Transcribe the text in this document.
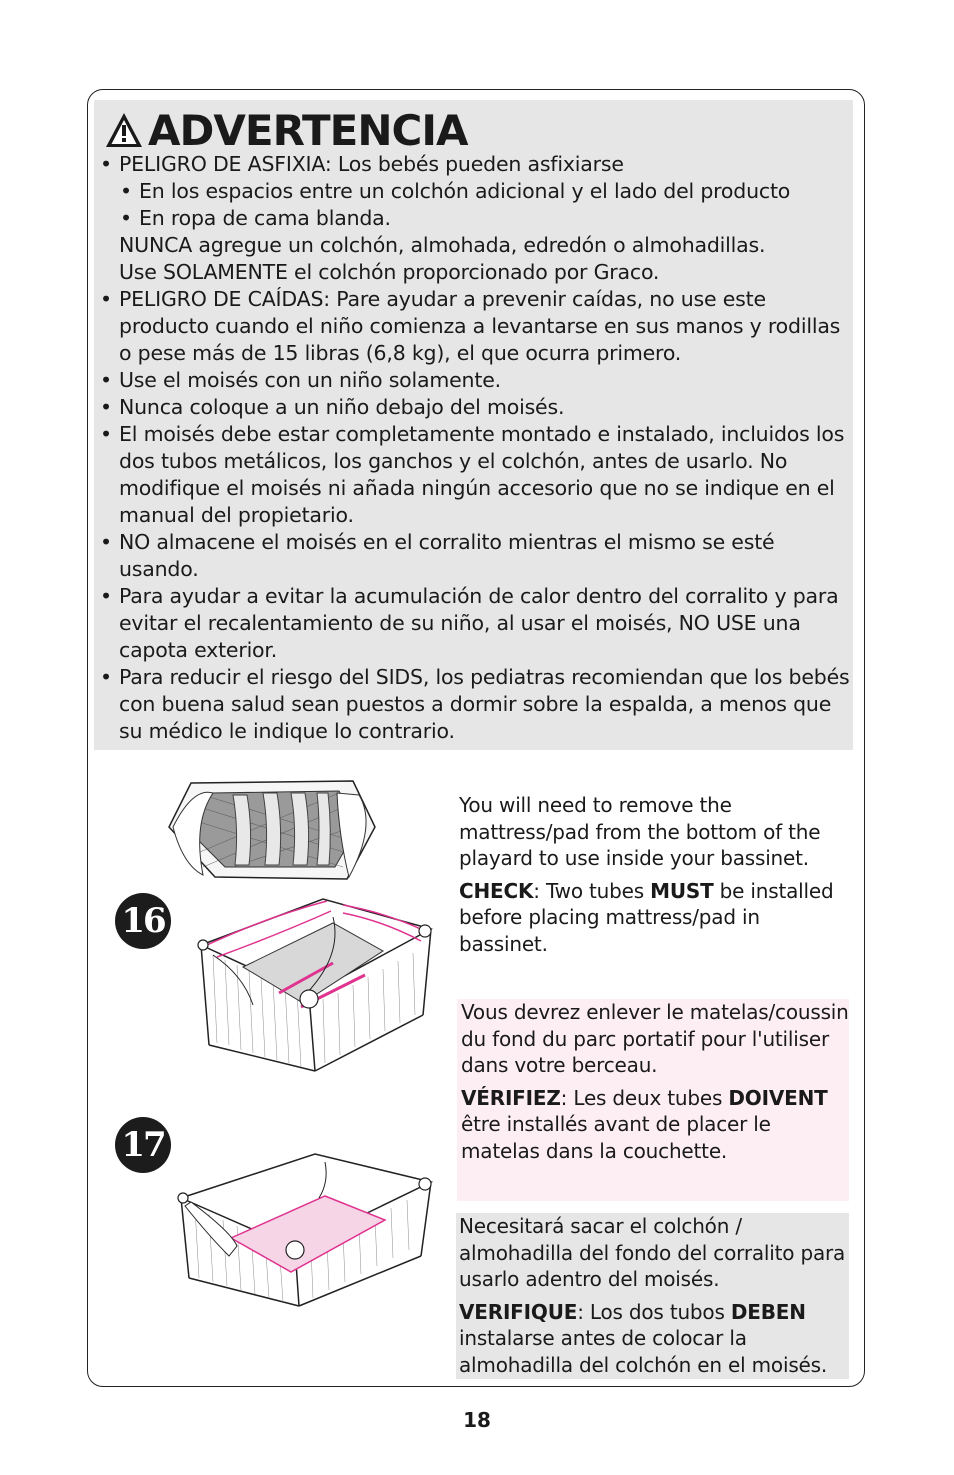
ADVERTENCIA
• PELIGRO DE ASFIXIA: Los bebés pueden asfixiarse
• En los espacios entre un colchón adicional y el lado del producto
• En ropa de cama blanda.
NUNCA agregue un colchón, almohada, edredón o almohadillas.
Use SOLAMENTE el colchón proporcionado por Graco.
• PELIGRO DE CAÍDAS: Pare ayudar a prevenir caídas, no use este producto cuando el niño comienza a levantarse en sus manos y rodillas o pese más de 15 libras (6,8 kg), el que ocurra primero.
• Use el moisés con un niño solamente.
• Nunca coloque a un niño debajo del moisés.
• El moisés debe estar completamente montado e instalado, incluidos los dos tubos metálicos, los ganchos y el colchón, antes de usarlo. No modifique el moisés ni añada ningún accesorio que no se indique en el manual del propietario.
• NO almacene el moisés en el corralito mientras el mismo se esté usando.
• Para ayudar a evitar la acumulación de calor dentro del corralito y para evitar el recalentamiento de su niño, al usar el moisés, NO USE una capota exterior.
• Para reducir el riesgo del SIDS, los pediatras recomiendan que los bebés con buena salud sean puestos a dormir sobre la espalda, a menos que su médico le indique lo contrario.
16
17

You will need to remove the mattress/pad from the bottom of the playard to use inside your bassinet.

CHECK: Two tubes MUST be installed before placing mattress/pad in bassinet.

Vous devrez enlever le matelas/coussin du fond du parc portatif pour l'utiliser dans votre berceau.

VÉRIFIEZ: Les deux tubes DOIVENT être installés avant de placer le matelas dans la couchette.

Necesitará sacar el colchón / almohadilla del fondo del corralito para usarlo adentro del moisés.

VERIFIQUE: Los dos tubos DEBEN instalarse antes de colocar la almohadilla del colchón en el moisés.

18
